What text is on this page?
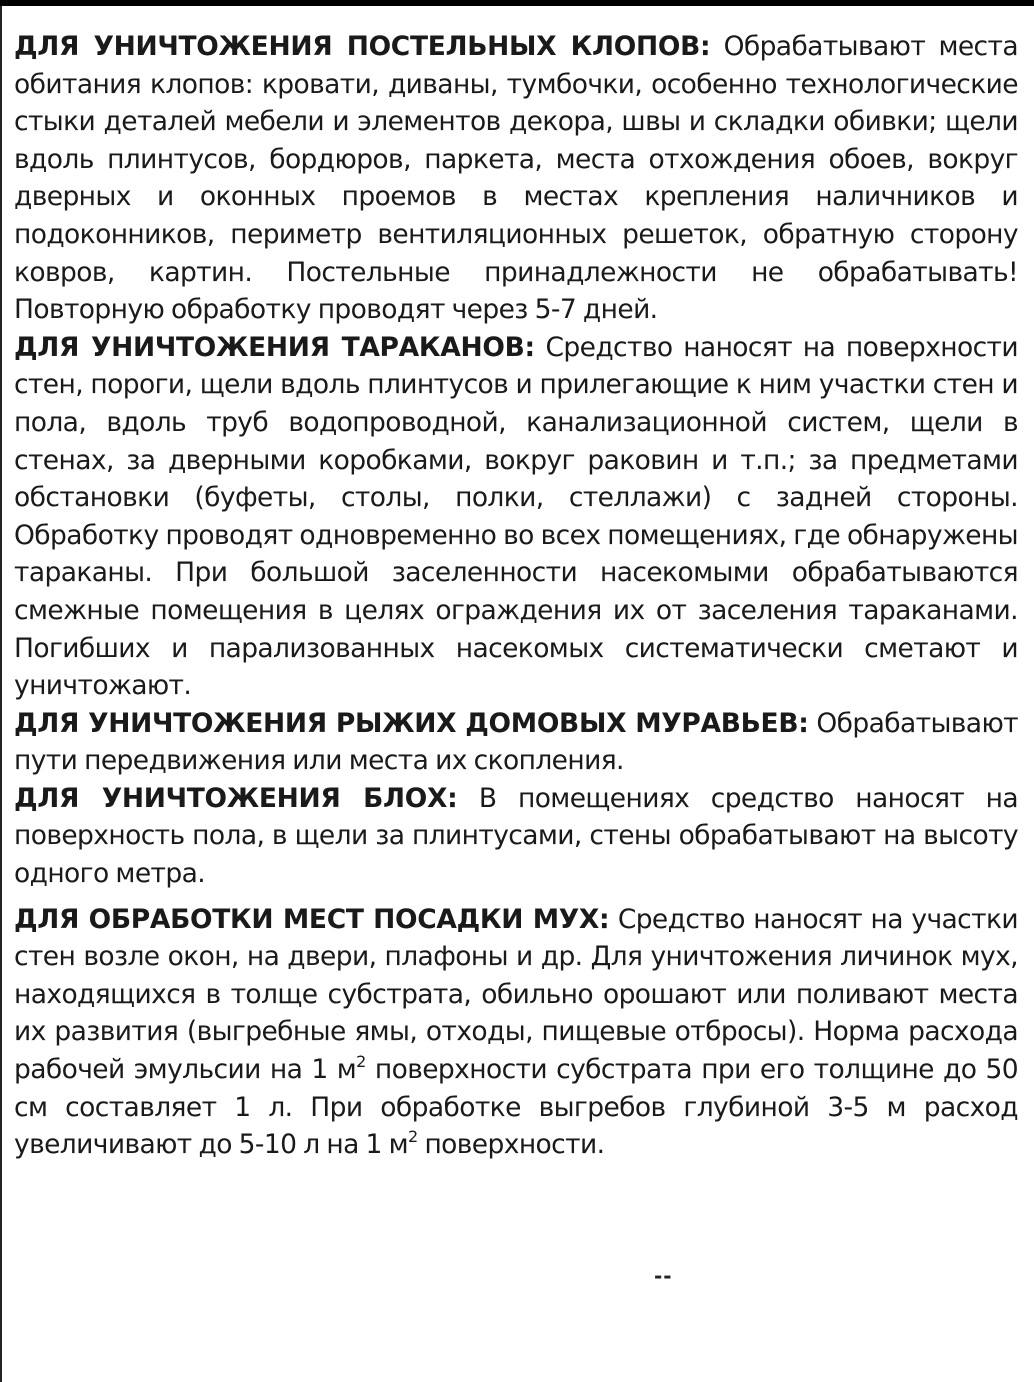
ДЛЯ УНИЧТОЖЕНИЯ ПОСТЕЛЬНЫХ КЛОПОВ: Обрабатывают места обитания клопов: кровати, диваны, тумбочки, особенно технологические стыки деталей мебели и элементов декора, швы и складки обивки; щели вдоль плинтусов, бордюров, паркета, места отхождения обоев, вокруг дверных и оконных проемов в местах крепления наличников и подоконников, периметр вентиляционных решеток, обратную сторону ковров, картин. Постельные принадлежности не обрабатывать! Повторную обработку проводят через 5-7 дней.

ДЛЯ УНИЧТОЖЕНИЯ ТАРАКАНОВ: Средство наносят на поверхности стен, пороги, щели вдоль плинтусов и прилегающие к ним участки стен и пола, вдоль труб водопроводной, канализационной систем, щели в стенах, за дверными коробками, вокруг раковин и т.п.; за предметами обстановки (буфеты, столы, полки, стеллажи) с задней стороны. Обработку проводят одновременно во всех помещениях, где обнаружены тараканы. При большой заселенности насекомыми обрабатываются смежные помещения в целях ограждения их от заселения тараканами. Погибших и парализованных насекомых систематически сметают и уничтожают.

ДЛЯ УНИЧТОЖЕНИЯ РЫЖИХ ДОМОВЫХ МУРАВЬЕВ: Обрабатывают пути передвижения или места их скопления.

ДЛЯ УНИЧТОЖЕНИЯ БЛОХ: В помещениях средство наносят на поверхность пола, в щели за плинтусами, стены обрабатывают на высоту одного метра.

ДЛЯ ОБРАБОТКИ МЕСТ ПОСАДКИ МУХ: Средство наносят на участки стен возле окон, на двери, плафоны и др. Для уничтожения личинок мух, находящихся в толще субстрата, обильно орошают или поливают места их развития (выгребные ямы, отходы, пищевые отбросы). Норма расхода рабочей эмульсии на 1 $м^2$ поверхности субстрата при его толщине до 50 см составляет 1 л. При обработке выгребов глубиной 3-5 м расход увеличивают до 5-10 л на 1 $м^2$ поверхности.

--
